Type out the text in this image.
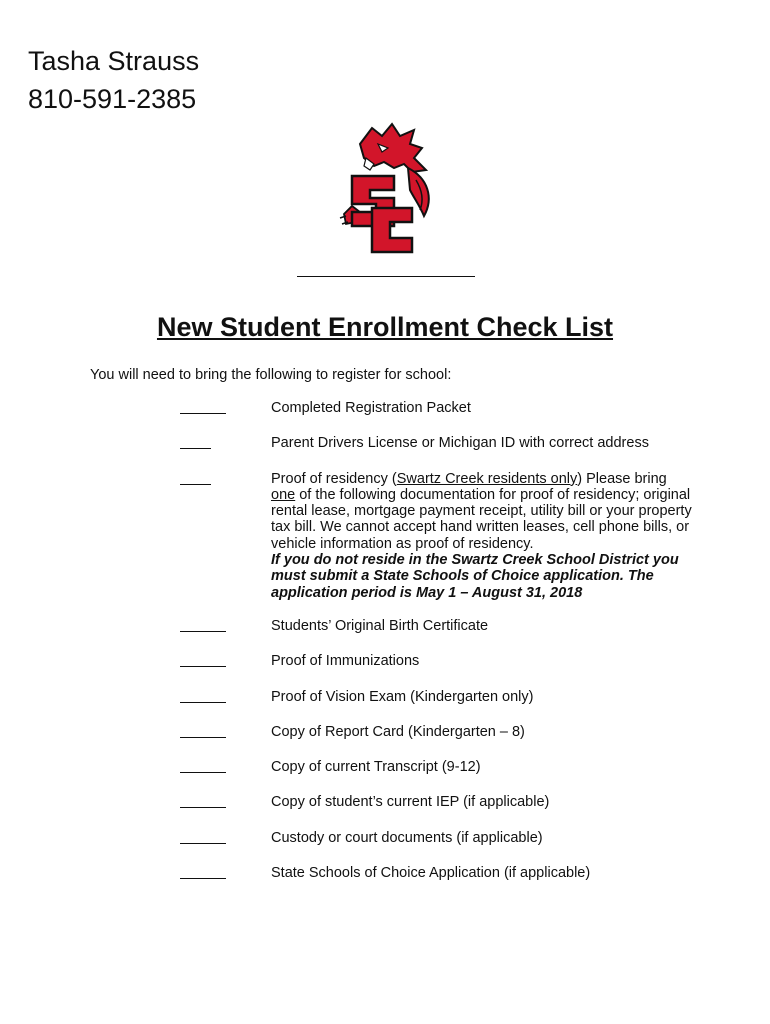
Tasha Strauss
810-591-2385
New Student Enrollment Check List
You will need to bring the following to register for school:
Completed Registration Packet
Parent Drivers License or Michigan ID with correct address
Proof of residency (Swartz Creek residents only) Please bring
one of the following documentation for proof of residency; original rental lease, mortgage payment receipt, utility bill or your property tax bill. We cannot accept hand written leases, cell phone bills, or vehicle information as proof of residency.
If you do not reside in the Swartz Creek School District you must submit a State Schools of Choice application. The application period is May 1 – August 31, 2018
Students’ Original Birth Certificate
Proof of Immunizations
Proof of Vision Exam (Kindergarten only)
Copy of Report Card (Kindergarten – 8)
Copy of current Transcript (9-12)
Copy of student’s current IEP (if applicable)
Custody or court documents (if applicable)
State Schools of Choice Application (if applicable)
